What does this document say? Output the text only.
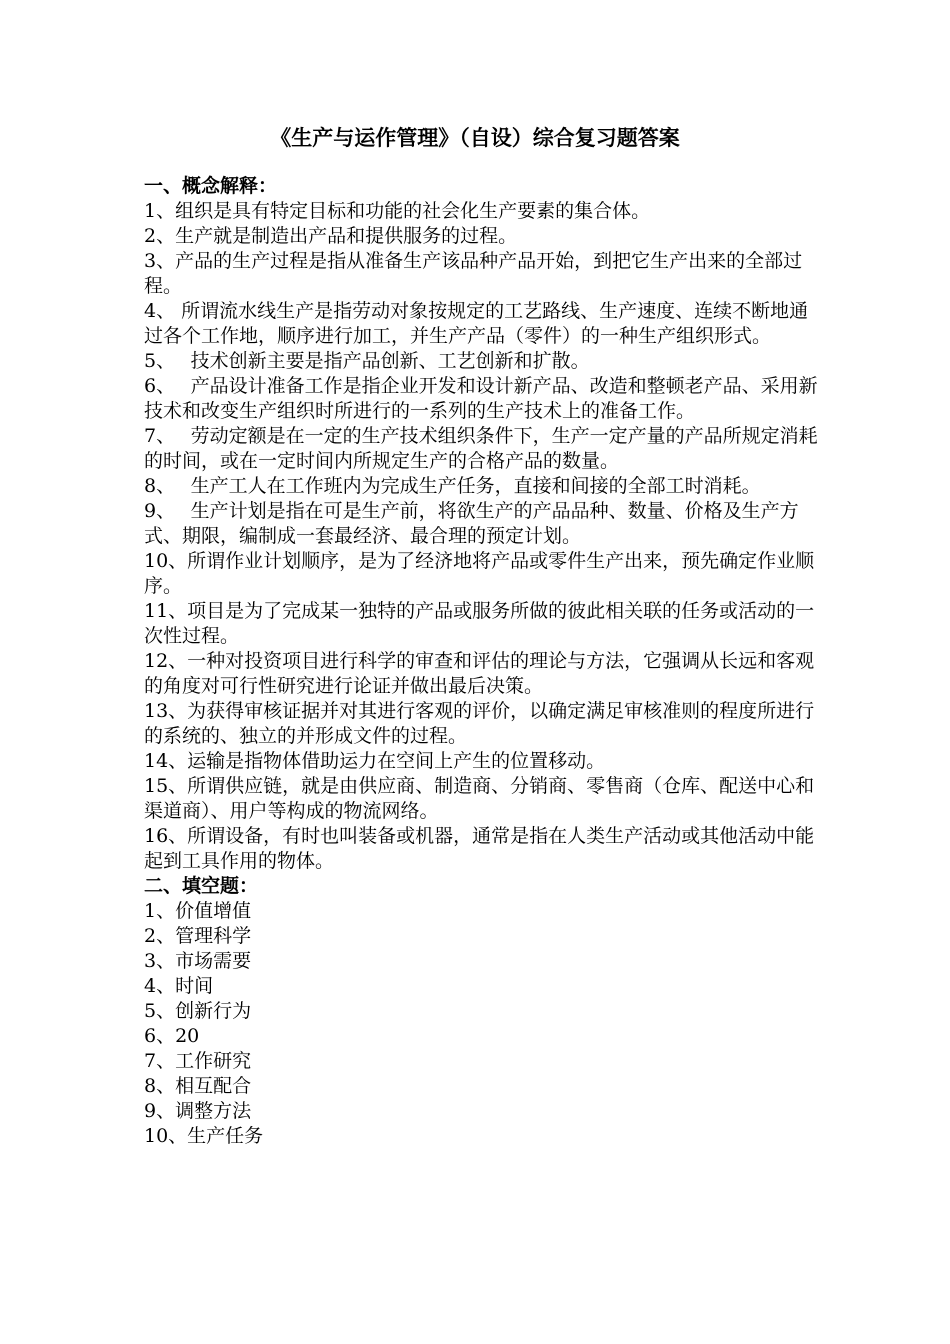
《生产与运作管理》（自设）综合复习题答案
一、概念解释：

1、组织是具有特定目标和功能的社会化生产要素的集合体。

2、生产就是制造出产品和提供服务的过程。

3、产品的生产过程是指从准备生产该品种产品开始，到把它生产出来的全部过程。

4、 所谓流水线生产是指劳动对象按规定的工艺路线、生产速度、连续不断地通过各个工作地，顺序进行加工，并生产产品（零件）的一种生产组织形式。

5、　 技术创新主要是指产品创新、工艺创新和扩散。

6、　 产品设计准备工作是指企业开发和设计新产品、改造和整顿老产品、采用新技术和改变生产组织时所进行的一系列的生产技术上的准备工作。

7、　 劳动定额是在一定的生产技术组织条件下，生产一定产量的产品所规定消耗的时间，或在一定时间内所规定生产的合格产品的数量。

8、　 生产工人在工作班内为完成生产任务，直接和间接的全部工时消耗。

9、　 生产计划是指在可是生产前，将欲生产的产品品种、数量、价格及生产方式、期限，编制成一套最经济、最合理的预定计划。

10、所谓作业计划顺序，是为了经济地将产品或零件生产出来，预先确定作业顺序。

11、项目是为了完成某一独特的产品或服务所做的彼此相关联的任务或活动的一次性过程。

12、一种对投资项目进行科学的审查和评估的理论与方法，它强调从长远和客观的角度对可行性研究进行论证并做出最后决策。

13、为获得审核证据并对其进行客观的评价，以确定满足审核准则的程度所进行的系统的、独立的并形成文件的过程。

14、运输是指物体借助运力在空间上产生的位置移动。

15、所谓供应链，就是由供应商、制造商、分销商、零售商（仓库、配送中心和渠道商）、用户等构成的物流网络。

16、所谓设备，有时也叫装备或机器，通常是指在人类生产活动或其他活动中能起到工具作用的物体。

二、填空题：

1、价值增值

2、管理科学

3、市场需要

4、时间

5、创新行为

6、20

7、工作研究

8、相互配合

9、调整方法

10、生产任务
